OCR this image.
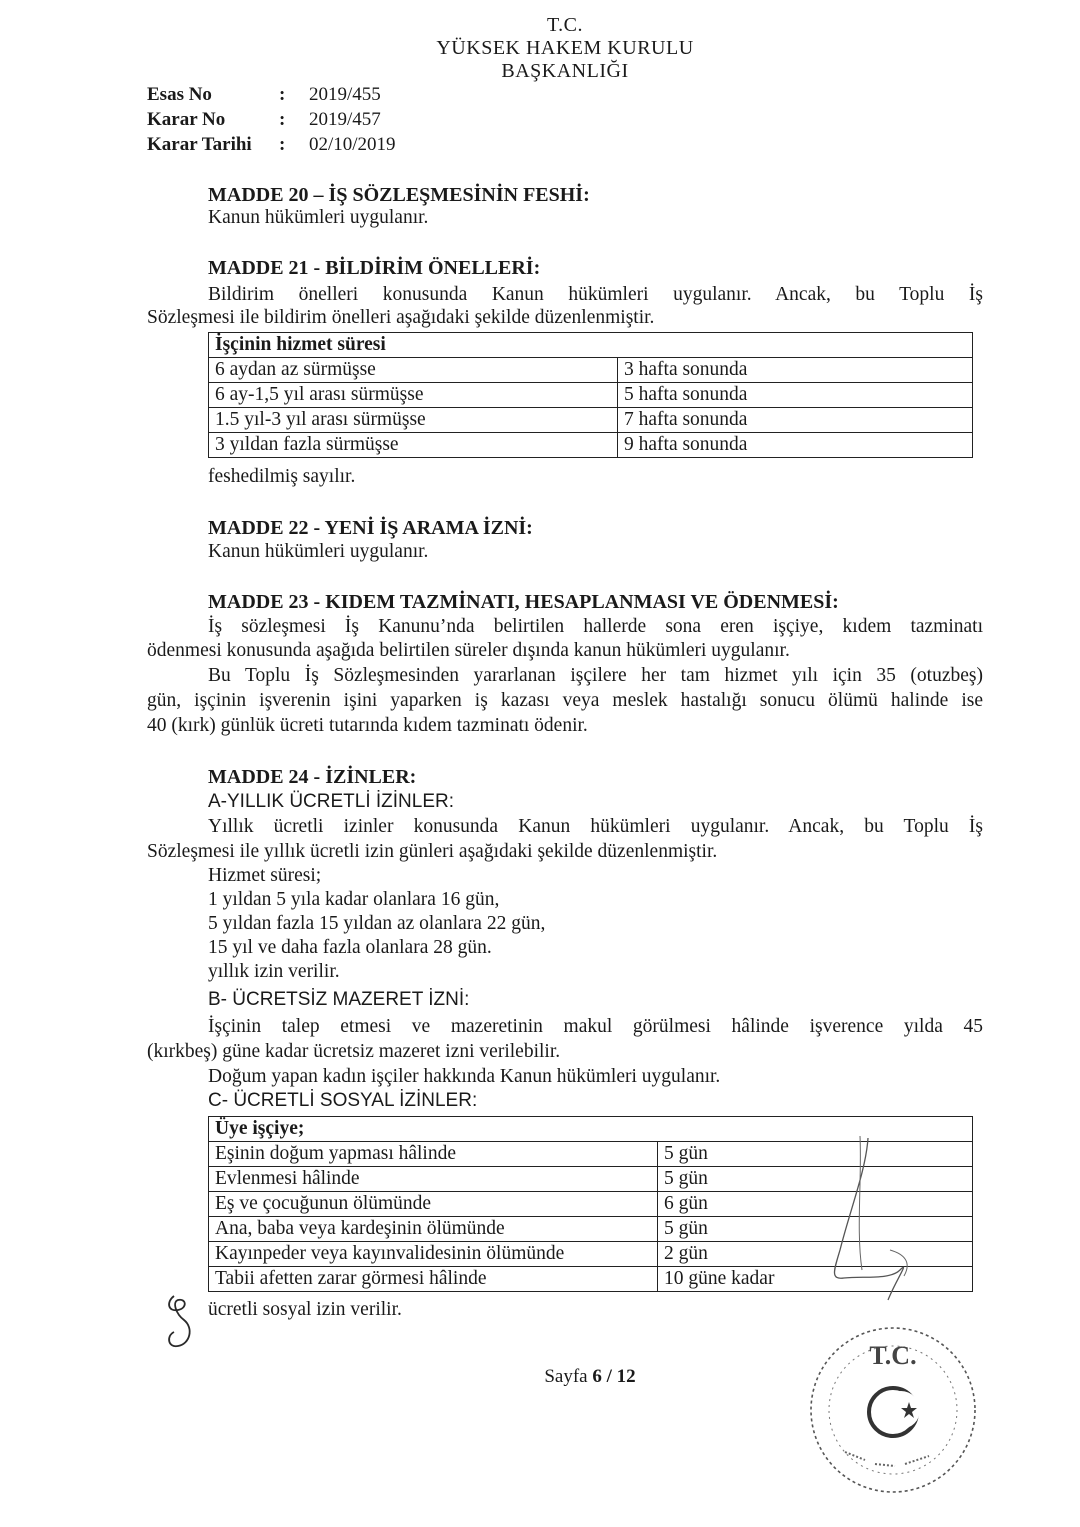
T.C.
YÜKSEK HAKEM KURULU
BAŞKANLIĞI
Esas No	:	2019/455
Karar No	:	2019/457
Karar Tarihi	:	02/10/2019
MADDE 20 – İŞ SÖZLEŞMESİNİN FESHİ:
Kanun hükümleri uygulanır.
MADDE 21 - BİLDİRİM ÖNELLERİ:
Bildirim önelleri konusunda Kanun hükümleri uygulanır. Ancak, bu Toplu İş
Sözleşmesi ile bildirim önelleri aşağıdaki şekilde düzenlenmiştir.
İşçinin hizmet süresi	
6 aydan az sürmüşse	3 hafta sonunda
6 ay-1,5 yıl arası sürmüşse	5 hafta sonunda
1.5 yıl-3 yıl arası sürmüşse	7 hafta sonunda
3 yıldan fazla sürmüşse	9 hafta sonunda
feshedilmiş sayılır.
MADDE 22 - YENİ İŞ ARAMA İZNİ:
Kanun hükümleri uygulanır.
MADDE 23 - KIDEM TAZMİNATI, HESAPLANMASI VE ÖDENMESİ:
İş sözleşmesi İş Kanunu’nda belirtilen hallerde sona eren işçiye, kıdem tazminatı
ödenmesi konusunda aşağıda belirtilen süreler dışında kanun hükümleri uygulanır.
Bu Toplu İş Sözleşmesinden yararlanan işçilere her tam hizmet yılı için 35 (otuzbeş)
gün, işçinin işverenin işini yaparken iş kazası veya meslek hastalığı sonucu ölümü halinde ise
40 (kırk) günlük ücreti tutarında kıdem tazminatı ödenir.
MADDE 24 - İZİNLER:
A-YILLIK ÜCRETLİ İZİNLER:
Yıllık ücretli izinler konusunda Kanun hükümleri uygulanır. Ancak, bu Toplu İş
Sözleşmesi ile yıllık ücretli izin günleri aşağıdaki şekilde düzenlenmiştir.
Hizmet süresi;
1 yıldan 5 yıla kadar olanlara 16 gün,
5 yıldan fazla 15 yıldan az olanlara 22 gün,
15 yıl ve daha fazla olanlara 28 gün.
yıllık izin verilir.
B- ÜCRETSİZ MAZERET İZNİ:
İşçinin talep etmesi ve mazeretinin makul görülmesi hâlinde işverence yılda 45
(kırkbeş) güne kadar ücretsiz mazeret izni verilebilir.
Doğum yapan kadın işçiler hakkında Kanun hükümleri uygulanır.
C- ÜCRETLİ SOSYAL İZİNLER:
Üye işçiye;	
Eşinin doğum yapması hâlinde	5 gün
Evlenmesi hâlinde	5 gün
Eş ve çocuğunun ölümünde	6 gün
Ana, baba veya kardeşinin ölümünde	5 gün
Kayınpeder veya kayınvalidesinin ölümünde	2 gün
Tabii afetten zarar görmesi hâlinde	10 güne kadar
ücretli sosyal izin verilir.
T.C.
Sayfa 6 / 12
